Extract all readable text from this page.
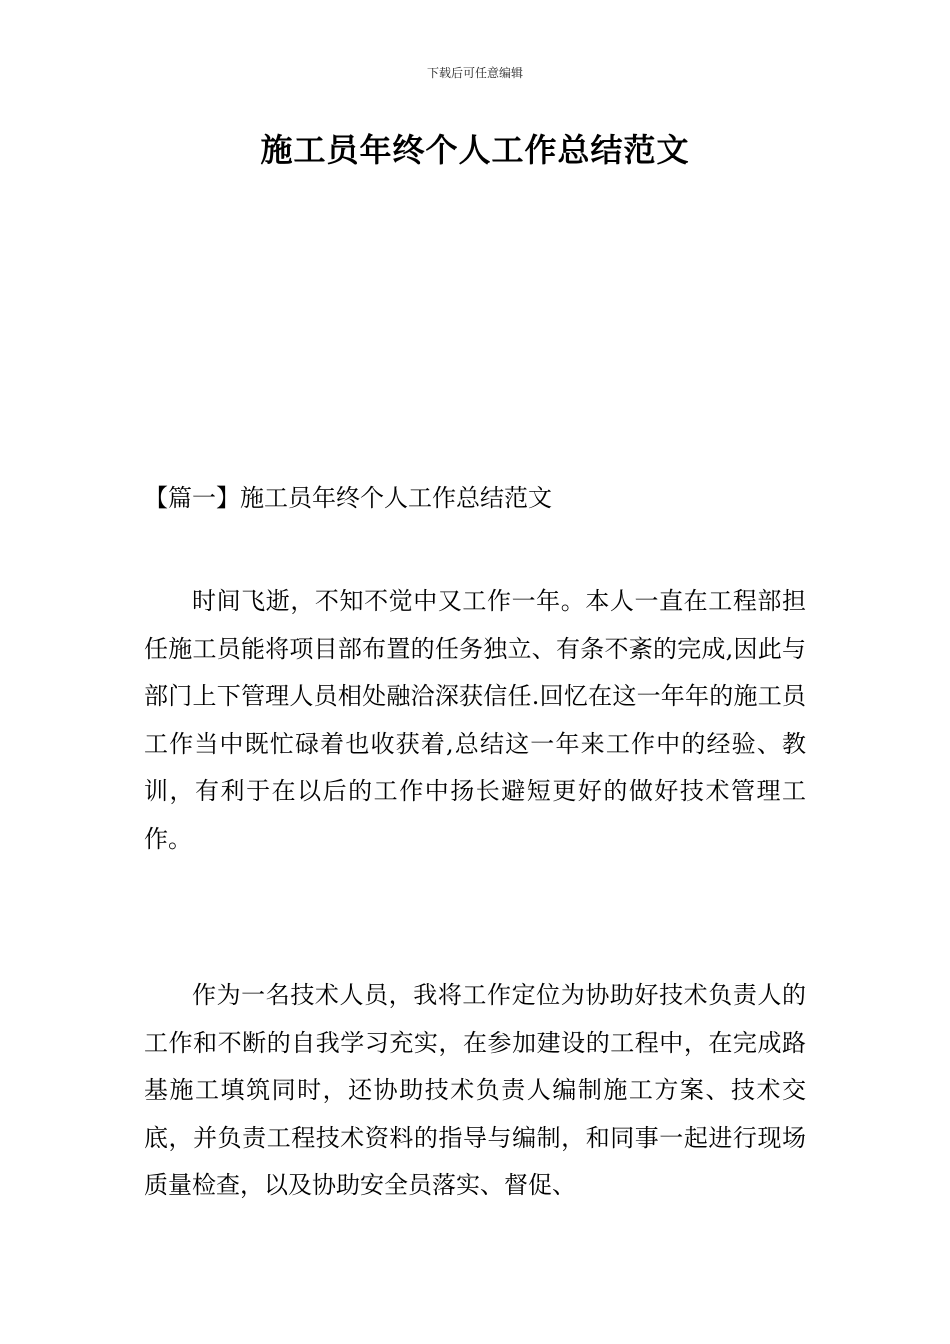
下载后可任意编辑
施工员年终个人工作总结范文
【篇一】施工员年终个人工作总结范文

时间飞逝，不知不觉中又工作一年。本人一直在工程部担任施工员能将项目部布置的任务独立、有条不紊的完成,因此与部门上下管理人员相处融洽深获信任.回忆在这一年年的施工员工作当中既忙碌着也收获着,总结这一年来工作中的经验、教训，有利于在以后的工作中扬长避短更好的做好技术管理工作。

作为一名技术人员，我将工作定位为协助好技术负责人的工作和不断的自我学习充实，在参加建设的工程中，在完成路基施工填筑同时，还协助技术负责人编制施工方案、技术交底，并负责工程技术资料的指导与编制，和同事一起进行现场质量检查，以及协助安全员落实、督促、
